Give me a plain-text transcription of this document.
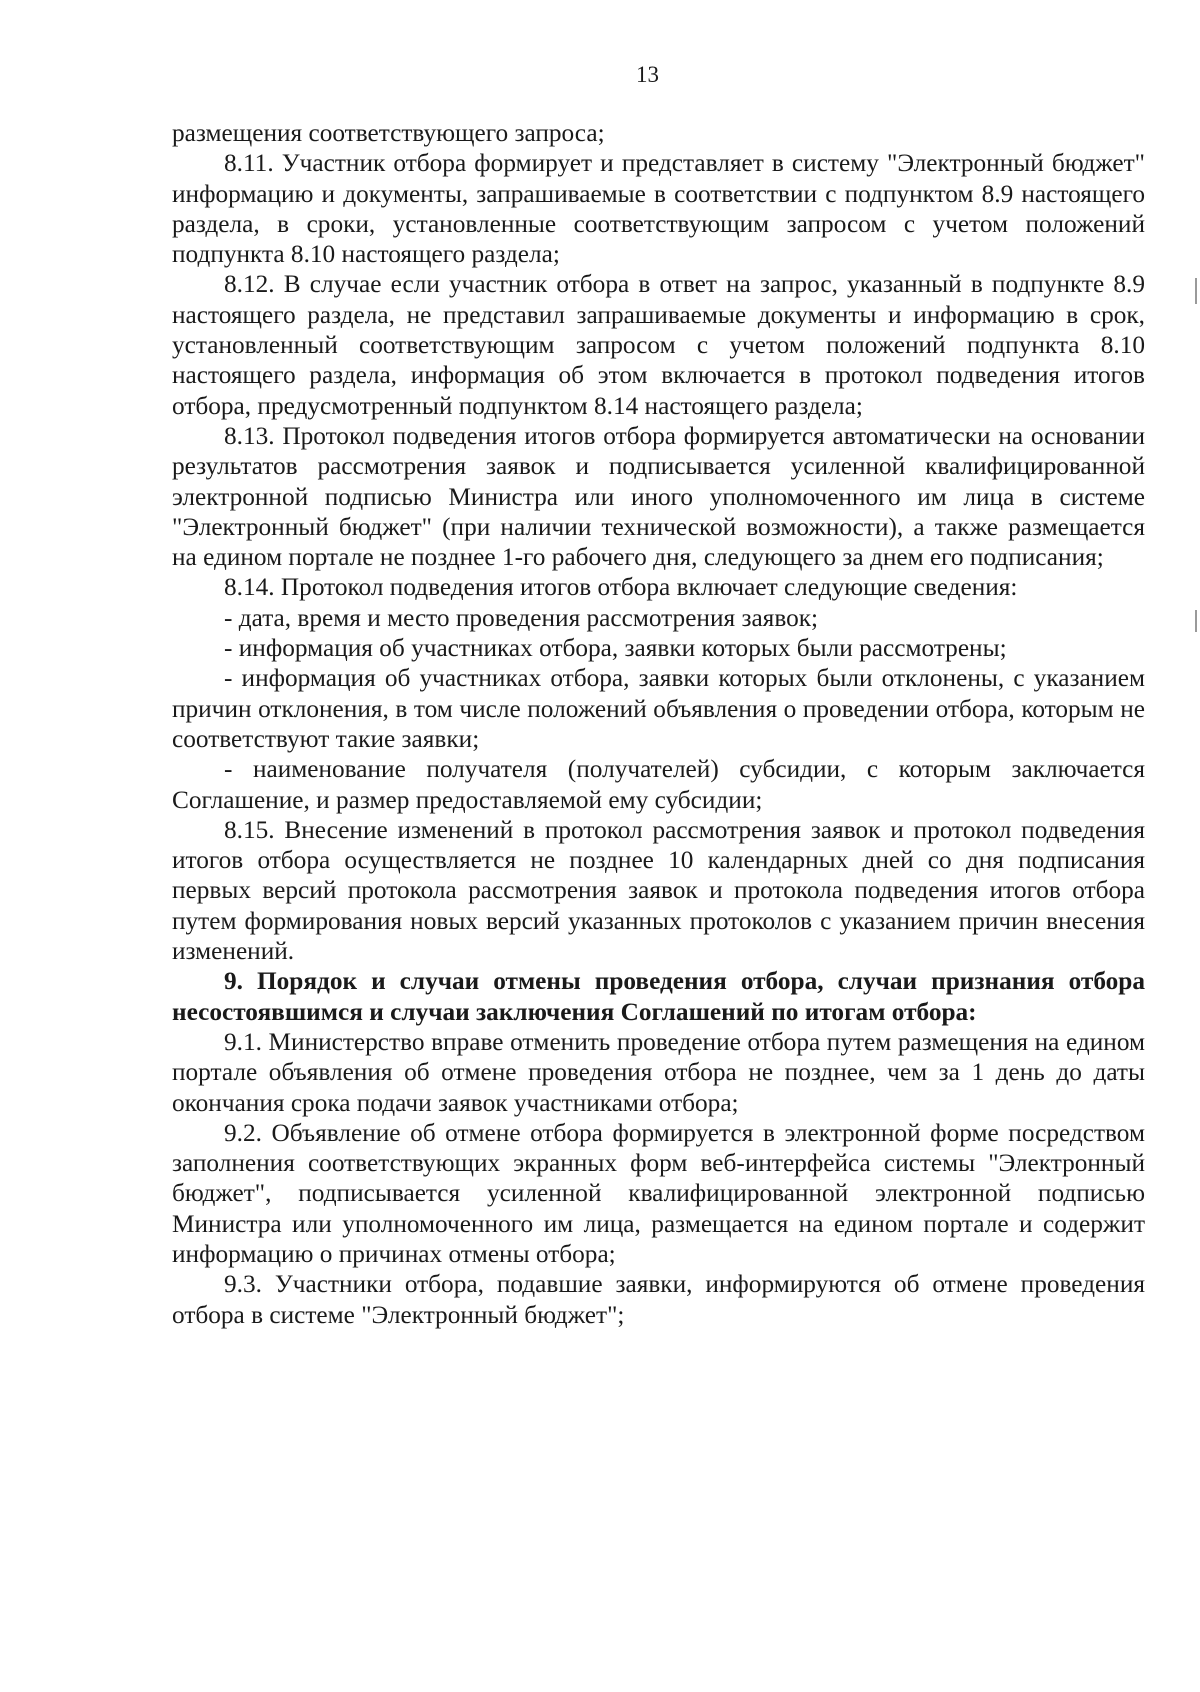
13

размещения соответствующего запроса;

8.11. Участник отбора формирует и представляет в систему "Электронный бюджет" информацию и документы, запрашиваемые в соответствии с подпунктом 8.9 настоящего раздела, в сроки, установленные соответствующим запросом с учетом положений подпункта 8.10 настоящего раздела;

8.12. В случае если участник отбора в ответ на запрос, указанный в подпункте 8.9 настоящего раздела, не представил запрашиваемые документы и информацию в срок, установленный соответствующим запросом с учетом положений подпункта 8.10 настоящего раздела, информация об этом включается в протокол подведения итогов отбора, предусмотренный подпунктом 8.14 настоящего раздела;

8.13. Протокол подведения итогов отбора формируется автоматически на основании результатов рассмотрения заявок и подписывается усиленной квалифицированной электронной подписью Министра или иного уполномоченного им лица в системе "Электронный бюджет" (при наличии технической возможности), а также размещается на едином портале не позднее 1-го рабочего дня, следующего за днем его подписания;

8.14. Протокол подведения итогов отбора включает следующие сведения:

- дата, время и место проведения рассмотрения заявок;

- информация об участниках отбора, заявки которых были рассмотрены;

- информация об участниках отбора, заявки которых были отклонены, с указанием причин отклонения, в том числе положений объявления о проведении отбора, которым не соответствуют такие заявки;

- наименование получателя (получателей) субсидии, с которым заключается Соглашение, и размер предоставляемой ему субсидии;

8.15. Внесение изменений в протокол рассмотрения заявок и протокол подведения итогов отбора осуществляется не позднее 10 календарных дней со дня подписания первых версий протокола рассмотрения заявок и протокола подведения итогов отбора путем формирования новых версий указанных протоколов с указанием причин внесения изменений.

9. Порядок и случаи отмены проведения отбора, случаи признания отбора несостоявшимся и случаи заключения Соглашений по итогам отбора:

9.1. Министерство вправе отменить проведение отбора путем размещения на едином портале объявления об отмене проведения отбора не позднее, чем за 1 день до даты окончания срока подачи заявок участниками отбора;

9.2. Объявление об отмене отбора формируется в электронной форме посредством заполнения соответствующих экранных форм веб-интерфейса системы "Электронный бюджет", подписывается усиленной квалифицированной электронной подписью Министра или уполномоченного им лица, размещается на едином портале и содержит информацию о причинах отмены отбора;

9.3. Участники отбора, подавшие заявки, информируются об отмене проведения отбора в системе "Электронный бюджет";
